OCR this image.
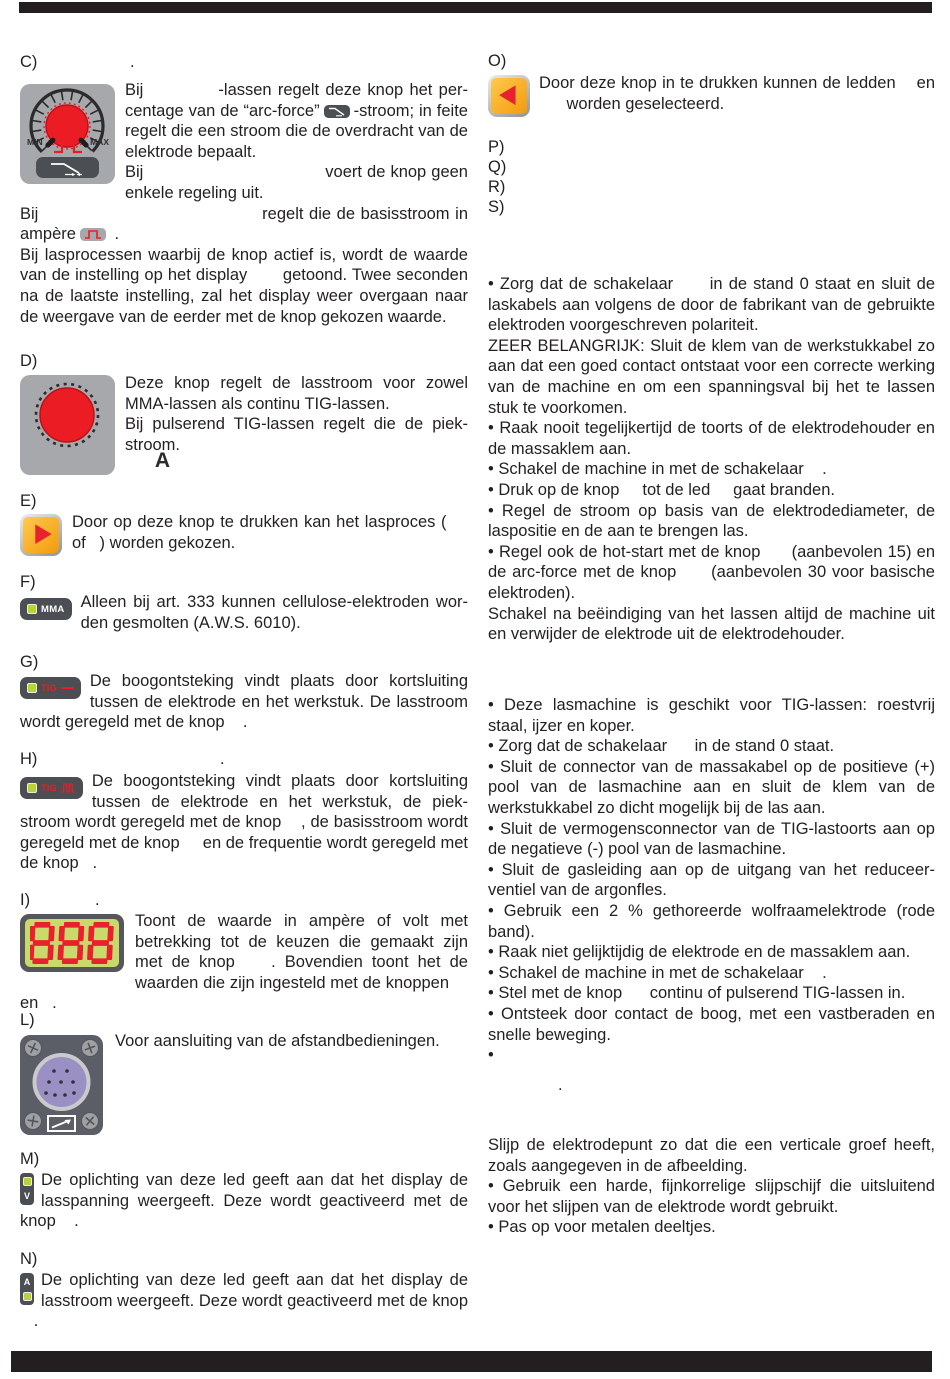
C)	.
MIN	MAX

Bij            -lassen regelt deze knop het percentage van de “arc-force” -stroom; in feite regelt die een stroom die de overdracht van de elektrode bepaalt.

Bij                                    voert de knop geen enkele regeling uit.

Bij                                        regelt die de basisstroom in ampère .

Bij lasprocessen waarbij de knop actief is, wordt de waarde van de instelling op het display       getoond. Twee seconden na de laatste instelling, zal het display weer overgaan naar de weergave van de eerder met de knop gekozen waarde.

D)
A

Deze knop regelt de lasstroom voor zowel MMA-lassen als continu TIG-lassen.

Bij pulserend TIG-lassen regelt die de piekstroom.

E)

Door op deze knop te drukken kan het lasproces (     of   ) worden gekozen.

F)
MMA Alleen bij art. 333 kunnen cellulose-elektroden worden gesmolten (A.W.S. 6010).

G)
TIG	De boogontsteking vindt plaats door kortsluiting tussen de elektrode en het werkstuk. De lasstroom wordt geregeld met de knop    .

H)	.
TIG	De boogontsteking vindt plaats door kortsluiting tussen de elektrode en het werkstuk, de piekstroom wordt geregeld met de knop    , de basisstroom wordt geregeld met de knop     en de frequentie wordt geregeld met de knop   .

I)	.

Toont de waarde in ampère of volt met betrekking tot de keuzen die gemaakt zijn met de knop    . Bovendien toont het de waarden die zijn ingesteld met de knoppen     en   .

L)

Voor aansluiting van de afstandbedieningen.

M)
V

De oplichting van deze led geeft aan dat het display de lasspanning weergeeft. Deze wordt geactiveerd met de knop    .

N)
A De oplichting van deze led geeft aan dat het display de lasstroom weergeeft. Deze wordt geactiveerd met de knop    .

O)

Door deze knop in te drukken kunnen de ledden    en       worden geselecteerd.

P)
Q)
R)
S)

• Zorg dat de schakelaar      in de stand 0 staat en sluit de laskabels aan volgens de door de fabrikant van de gebruikte elektroden voorgeschreven polariteit.

ZEER BELANGRIJK: Sluit de klem van de werkstukkabel zo aan dat een goed contact ontstaat voor een correcte werking van de machine en om een spanningsval bij het te lassen stuk te voorkomen.

• Raak nooit tegelijkertijd de toorts of de elektrodehouder en de massaklem aan.

• Schakel de machine in met de schakelaar    .

• Druk op de knop     tot de led     gaat branden.

• Regel de stroom op basis van de elektrodediameter, de laspositie en de aan te brengen las.

• Regel ook de hot-start met de knop      (aanbevolen 15) en de arc-force met de knop      (aanbevolen 30 voor basische elektroden).

Schakel na beëindiging van het lassen altijd de machine uit en verwijder de elektrode uit de elektrodehouder.

• Deze lasmachine is geschikt voor TIG-lassen: roestvrij staal, ijzer en koper.

• Zorg dat de schakelaar      in de stand 0 staat.

• Sluit de connector van de massakabel op de positieve (+) pool van de lasmachine aan en sluit de klem van de werkstukkabel zo dicht mogelijk bij de las aan.

• Sluit de vermogensconnector van de TIG-lastoorts aan op de negatieve (-) pool van de lasmachine.

• Sluit de gasleiding aan op de uitgang van het reduceerventiel van de argonfles.

• Gebruik een 2 % gethoreerde wolfraamelektrode (rode band).

• Raak niet gelijktijdig de elektrode en de massaklem aan.

• Schakel de machine in met de schakelaar    .

• Stel met de knop      continu of pulserend TIG-lassen in.

• Ontsteek door contact de boog, met een vastberaden en snelle beweging.

•

.

Slijp de elektrodepunt zo dat die een verticale groef heeft, zoals aangegeven in de afbeelding.

• Gebruik een harde, fijnkorrelige slijpschijf die uitsluitend voor het slijpen van de elektrode wordt gebruikt.

• Pas op voor metalen deeltjes.
